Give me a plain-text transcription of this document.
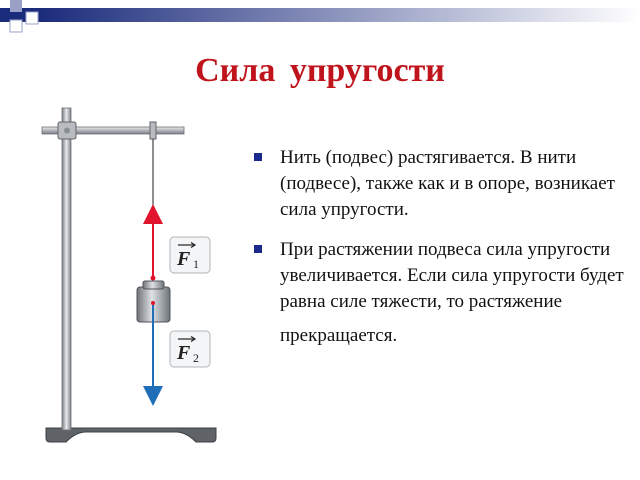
Сила упругости
F 1
F 2
Нить (подвес) растягивается. В нити (подвесе), также как и в опоре, возникает сила упругости.
При растяжении подвеса сила упругости увеличивается. Если сила упругости будет равна силе тяжести, то растяжение
прекращается.
